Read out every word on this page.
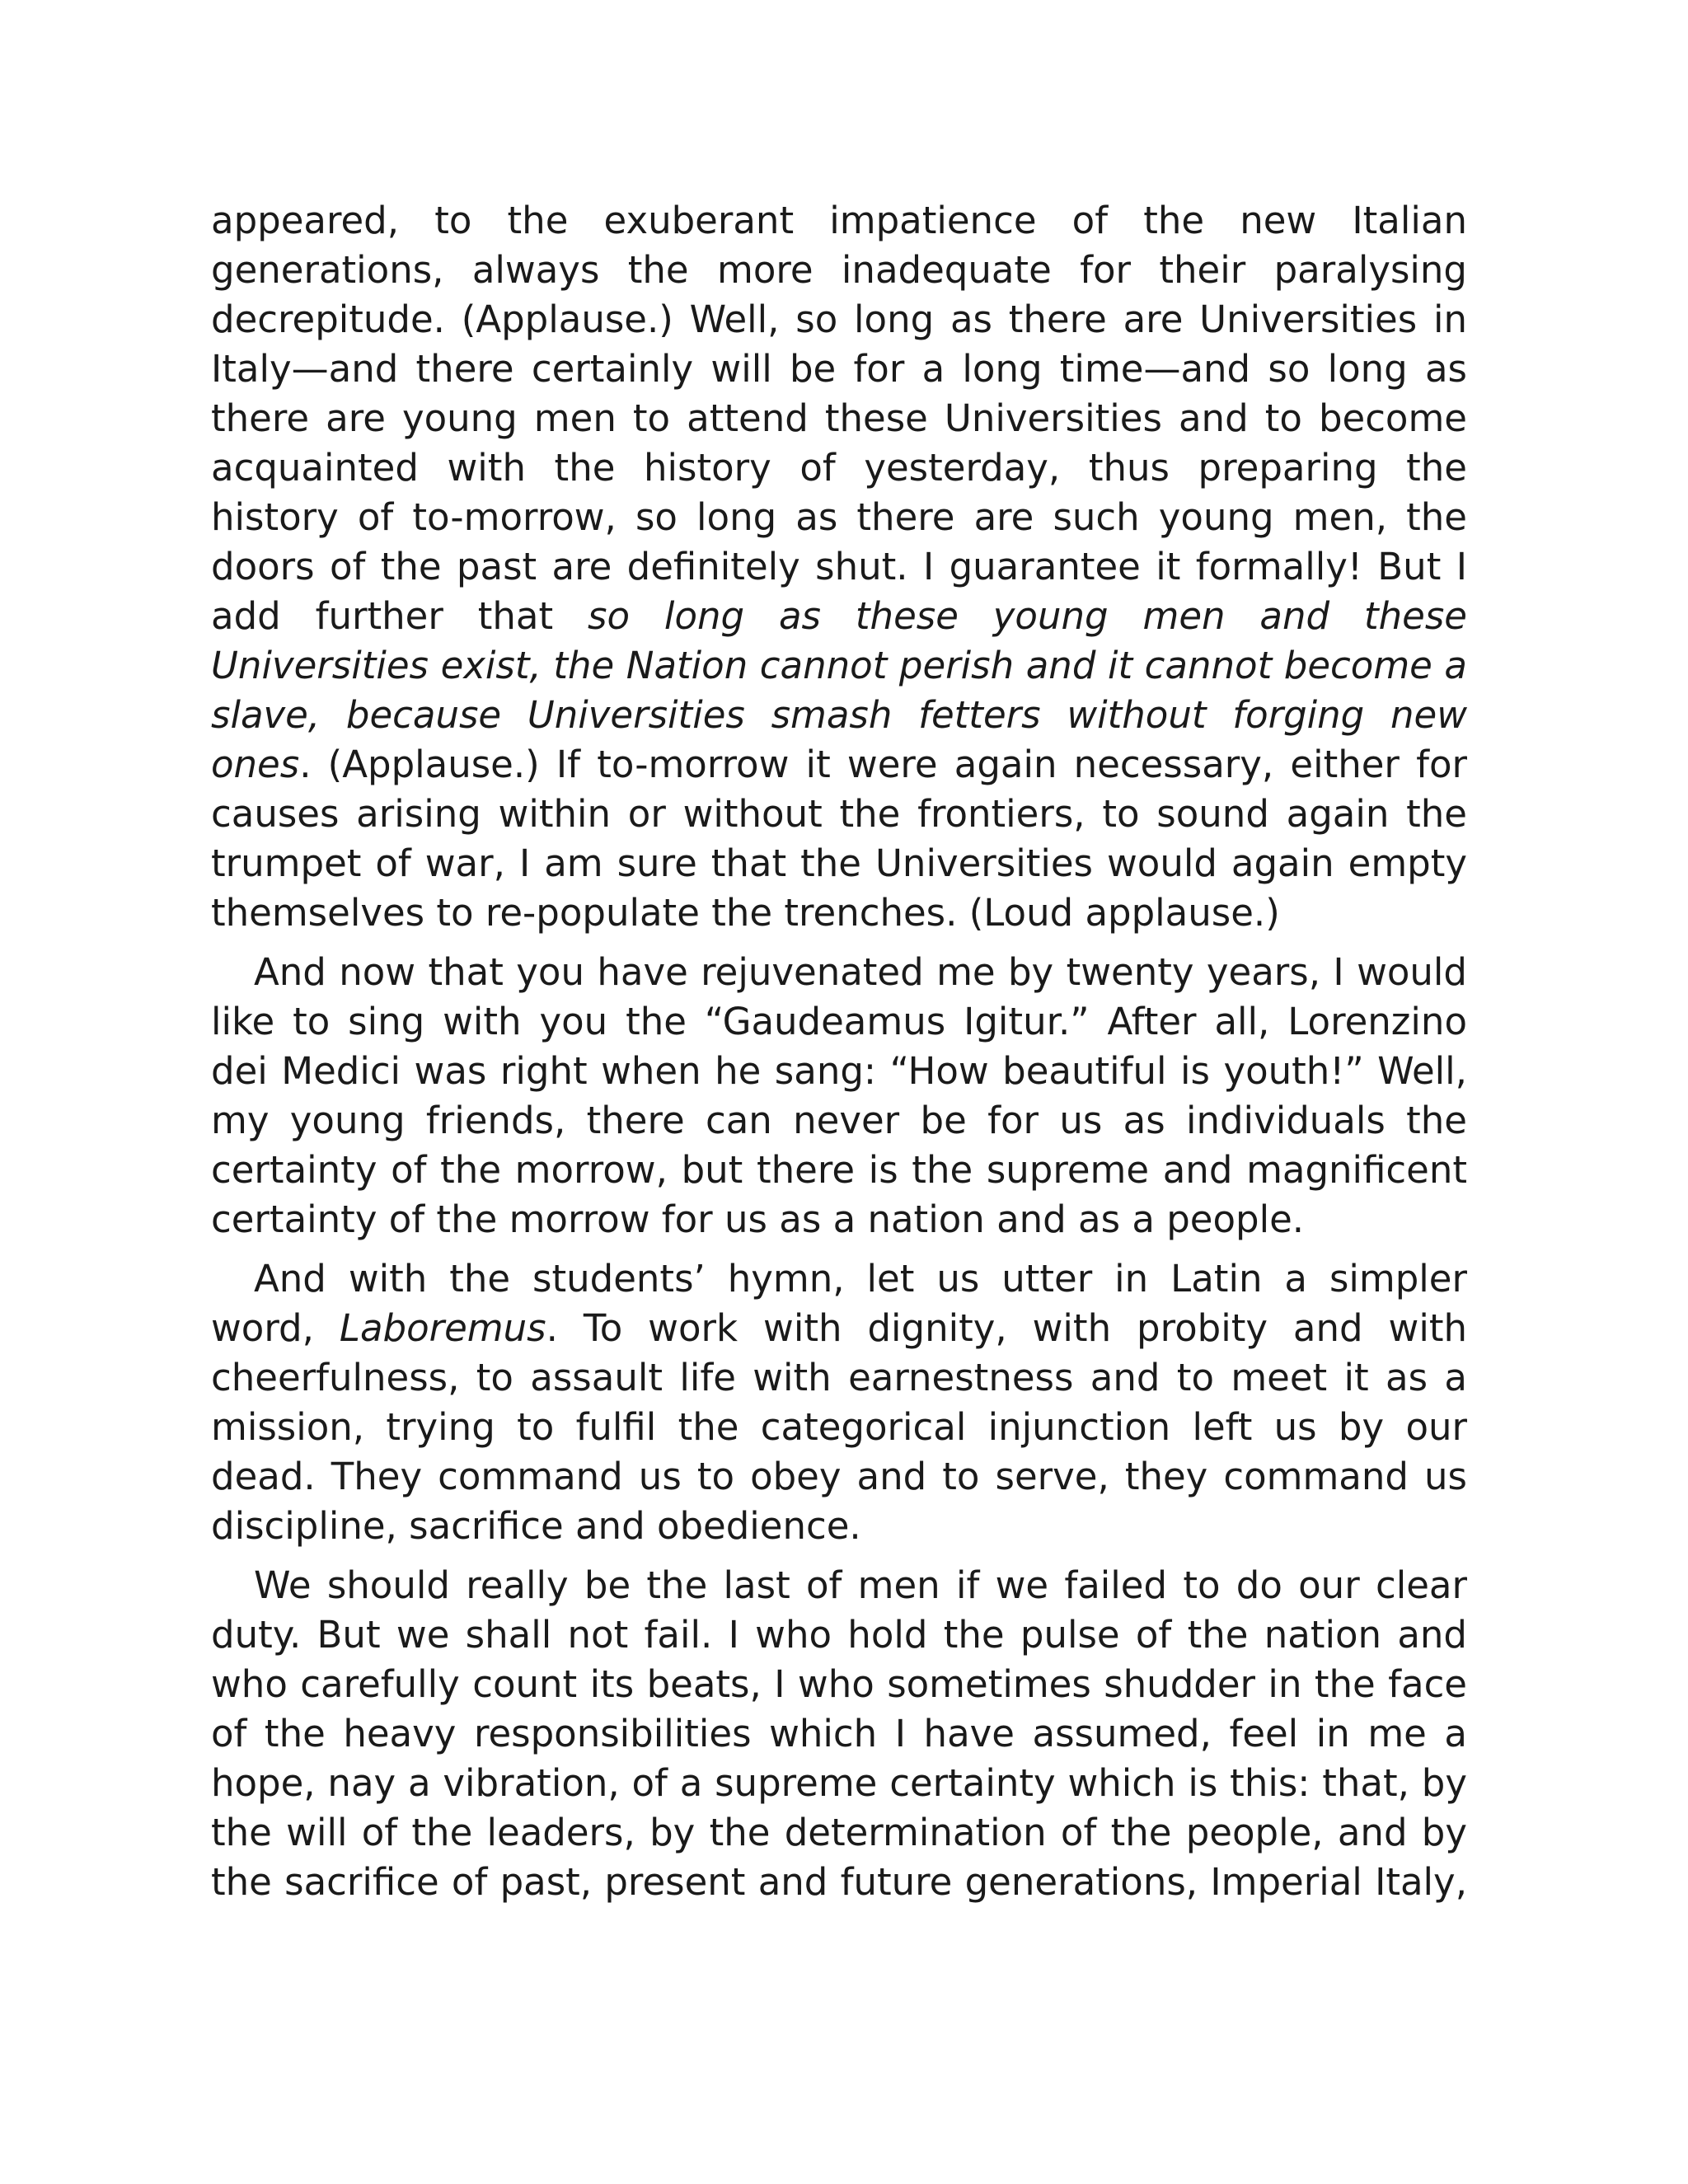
appeared, to the exuberant impatience of the new Italian generations, always the more inadequate for their paralysing decrepitude. (Applause.) Well, so long as there are Universities in Italy—and there certainly will be for a long time—and so long as there are young men to attend these Universities and to become acquainted with the history of yesterday, thus preparing the history of to-morrow, so long as there are such young men, the doors of the past are definitely shut. I guarantee it formally! But I add further that so long as these young men and these Universities exist, the Nation cannot perish and it cannot become a slave, because Universities smash fetters without forging new ones. (Applause.) If to-morrow it were again necessary, either for causes arising within or without the frontiers, to sound again the trumpet of war, I am sure that the Universities would again empty themselves to re-populate the trenches. (Loud applause.)

And now that you have rejuvenated me by twenty years, I would like to sing with you the “Gaudeamus Igitur.” After all, Lorenzino dei Medici was right when he sang: “How beautiful is youth!” Well, my young friends, there can never be for us as individuals the certainty of the morrow, but there is the supreme and magnificent certainty of the morrow for us as a nation and as a people.

And with the students’ hymn, let us utter in Latin a simpler word, Laboremus. To work with dignity, with probity and with cheerfulness, to assault life with earnestness and to meet it as a mission, trying to fulfil the categorical injunction left us by our dead. They command us to obey and to serve, they command us discipline, sacrifice and obedience.

We should really be the last of men if we failed to do our clear duty. But we shall not fail. I who hold the pulse of the nation and who carefully count its beats, I who sometimes shudder in the face of the heavy responsibilities which I have assumed, feel in me a hope, nay a vibration, of a supreme certainty which is this: that, by the will of the leaders, by the determination of the people, and by the sacrifice of past, present and future generations, Imperial Italy,
